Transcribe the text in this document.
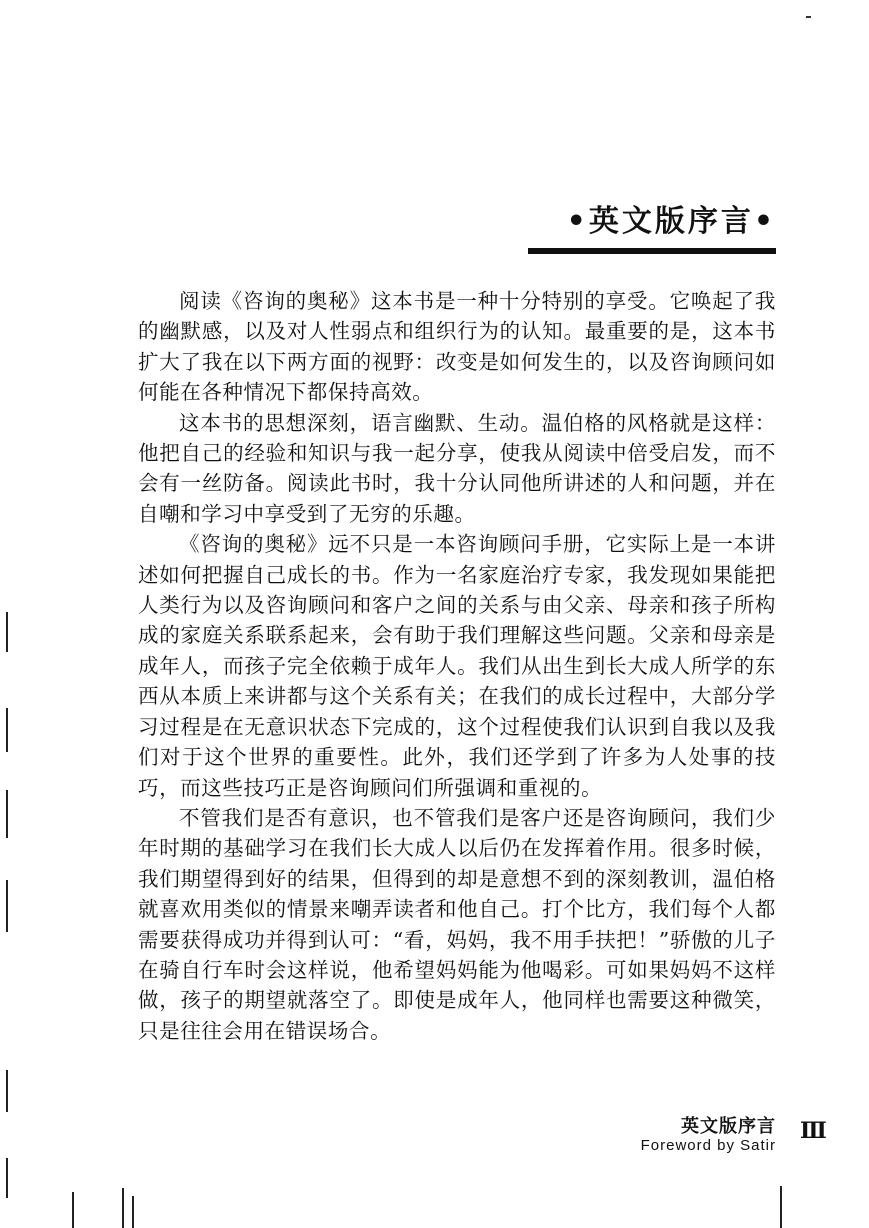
•英文版序言•

阅读《咨询的奥秘》这本书是一种十分特别的享受。它唤起了我的幽默感，以及对人性弱点和组织行为的认知。最重要的是，这本书扩大了我在以下两方面的视野：改变是如何发生的，以及咨询顾问如何能在各种情况下都保持高效。

这本书的思想深刻，语言幽默、生动。温伯格的风格就是这样：他把自己的经验和知识与我一起分享，使我从阅读中倍受启发，而不会有一丝防备。阅读此书时，我十分认同他所讲述的人和问题，并在自嘲和学习中享受到了无穷的乐趣。

《咨询的奥秘》远不只是一本咨询顾问手册，它实际上是一本讲述如何把握自己成长的书。作为一名家庭治疗专家，我发现如果能把人类行为以及咨询顾问和客户之间的关系与由父亲、母亲和孩子所构成的家庭关系联系起来，会有助于我们理解这些问题。父亲和母亲是成年人，而孩子完全依赖于成年人。我们从出生到长大成人所学的东西从本质上来讲都与这个关系有关；在我们的成长过程中，大部分学习过程是在无意识状态下完成的，这个过程使我们认识到自我以及我们对于这个世界的重要性。此外，我们还学到了许多为人处事的技巧，而这些技巧正是咨询顾问们所强调和重视的。

不管我们是否有意识，也不管我们是客户还是咨询顾问，我们少年时期的基础学习在我们长大成人以后仍在发挥着作用。很多时候，我们期望得到好的结果，但得到的却是意想不到的深刻教训，温伯格就喜欢用类似的情景来嘲弄读者和他自己。打个比方，我们每个人都需要获得成功并得到认可：“看，妈妈，我不用手扶把！”骄傲的儿子在骑自行车时会这样说，他希望妈妈能为他喝彩。可如果妈妈不这样做，孩子的期望就落空了。即使是成年人，他同样也需要这种微笑，只是往往会用在错误场合。

英文版序言
Foreword by Satir
Ⅲ
